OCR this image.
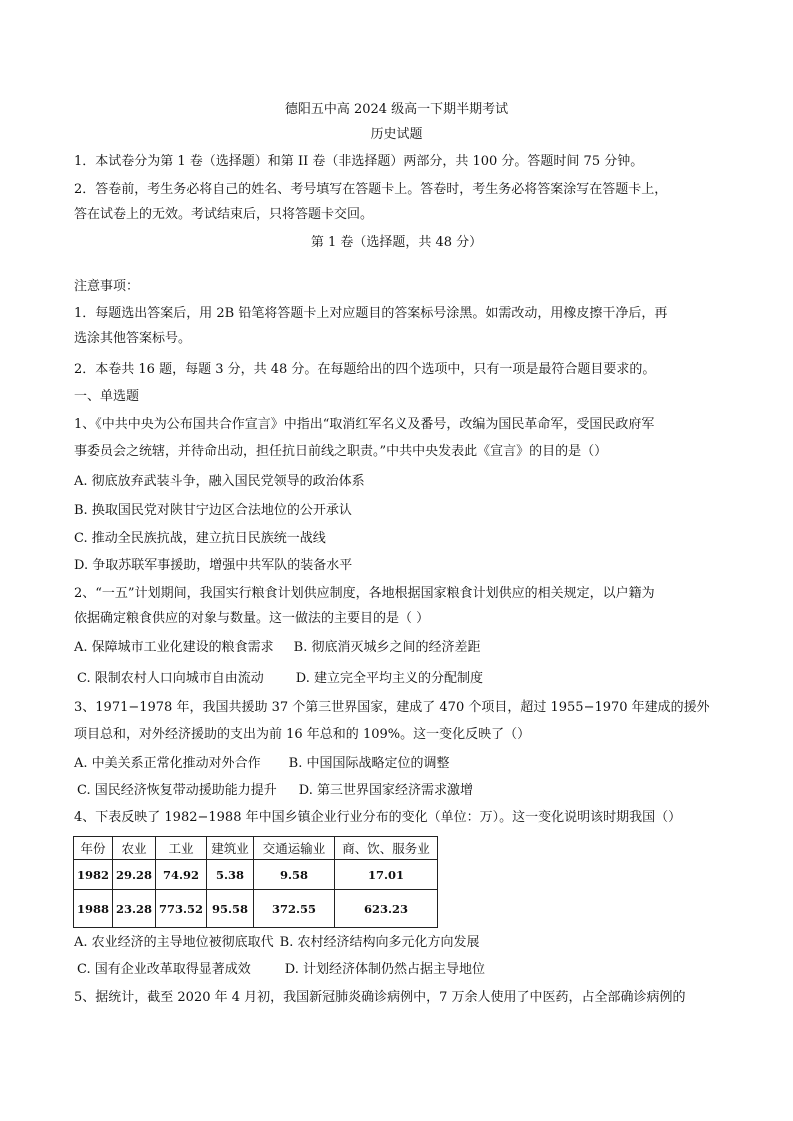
德阳五中高 2024 级高一下期半期考试
历史试题
1．本试卷分为第 1 卷（选择题）和第 II 卷（非选择题）两部分，共 100 分。答题时间 75 分钟。
2．答卷前，考生务必将自己的姓名、考号填写在答题卡上。答卷时，考生务必将答案涂写在答题卡上，
答在试卷上的无效。考试结束后，只将答题卡交回。
第 1 卷（选择题，共 48 分）
注意事项：
1．每题选出答案后，用 2B 铅笔将答题卡上对应题目的答案标号涂黑。如需改动，用橡皮擦干净后，再
选涂其他答案标号。
2．本卷共 16 题，每题 3 分，共 48 分。在每题给出的四个选项中，只有一项是最符合题目要求的。
一、单选题
1、《中共中央为公布国共合作宣言》中指出“取消红军名义及番号，改编为国民革命军，受国民政府军
事委员会之统辖，并待命出动，担任抗日前线之职责。”中共中央发表此《宣言》的目的是（）
A. 彻底放弃武装斗争，融入国民党领导的政治体系
B. 换取国民党对陕甘宁边区合法地位的公开承认
C. 推动全民族抗战，建立抗日民族统一战线
D. 争取苏联军事援助，增强中共军队的装备水平
2、“一五”计划期间，我国实行粮食计划供应制度，各地根据国家粮食计划供应的相关规定，以户籍为
依据确定粮食供应的对象与数量。这一做法的主要目的是（ ）
A. 保障城市工业化建设的粮食需求 B. 彻底消灭城乡之间的经济差距
C. 限制农村人口向城市自由流动 D. 建立完全平均主义的分配制度
3、1971−1978 年，我国共援助 37 个第三世界国家，建成了 470 个项目，超过 1955−1970 年建成的援外
项目总和，对外经济援助的支出为前 16 年总和的 109%。这一变化反映了（）
A. 中美关系正常化推动对外合作 B. 中国国际战略定位的调整
C. 国民经济恢复带动援助能力提升 D. 第三世界国家经济需求激增
4、下表反映了 1982−1988 年中国乡镇企业行业分布的变化（单位：万）。这一变化说明该时期我国（）
年份	农业	工业	建筑业	交通运输业	商、饮、服务业
1982	29.28	74.92	5.38	9.58	17.01
1988	23.28	773.52	95.58	372.55	623.23
A. 农业经济的主导地位被彻底取代 B. 农村经济结构向多元化方向发展
C. 国有企业改革取得显著成效	D. 计划经济体制仍然占据主导地位
5、据统计，截至 2020 年 4 月初，我国新冠肺炎确诊病例中，7 万余人使用了中医药，占全部确诊病例的
